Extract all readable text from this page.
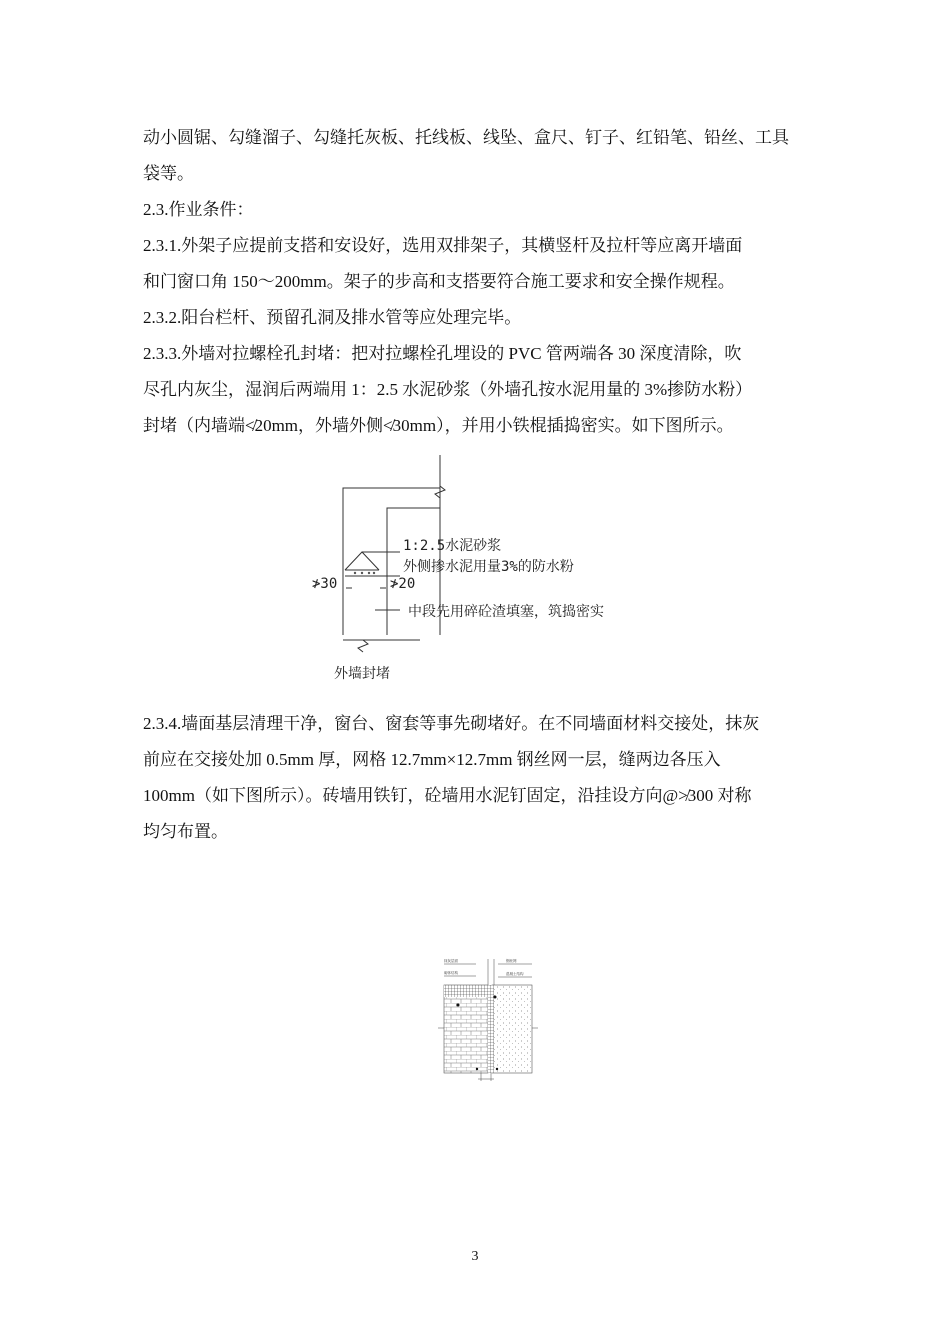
动小圆锯、勾缝溜子、勾缝托灰板、托线板、线坠、盒尺、钉子、红铅笔、铅丝、工具
袋等。
2.3.作业条件：
2.3.1.外架子应提前支搭和安设好，选用双排架子，其横竖杆及拉杆等应离开墙面
和门窗口角 150～200mm。架子的步高和支搭要符合施工要求和安全操作规程。
2.3.2.阳台栏杆、预留孔洞及排水管等应处理完毕。
2.3.3.外墙对拉螺栓孔封堵：把对拉螺栓孔埋设的 PVC 管两端各 30 深度清除，吹
尽孔内灰尘，湿润后两端用 1：2.5 水泥砂浆（外墙孔按水泥用量的 3%掺防水粉）
封堵（内墙端≮20mm，外墙外侧≮30mm），并用小铁棍插捣密实。如下图所示。
1:2.5水泥砂浆
外侧掺水泥用量3%的防水粉
≯30	≯20
中段先用碎砼渣填塞，筑捣密实
外墙封堵
2.3.4.墙面基层清理干净，窗台、窗套等事先砌堵好。在不同墙面材料交接处，抹灰
前应在交接处加 0.5mm 厚，网格 12.7mm×12.7mm 钢丝网一层，缝两边各压入
100mm（如下图所示）。砖墙用铁钉，砼墙用水泥钉固定，沿挂设方向@≯300 对称
均匀布置。
抹灰层面
砌体结构
钢丝网
混凝土结构
3
